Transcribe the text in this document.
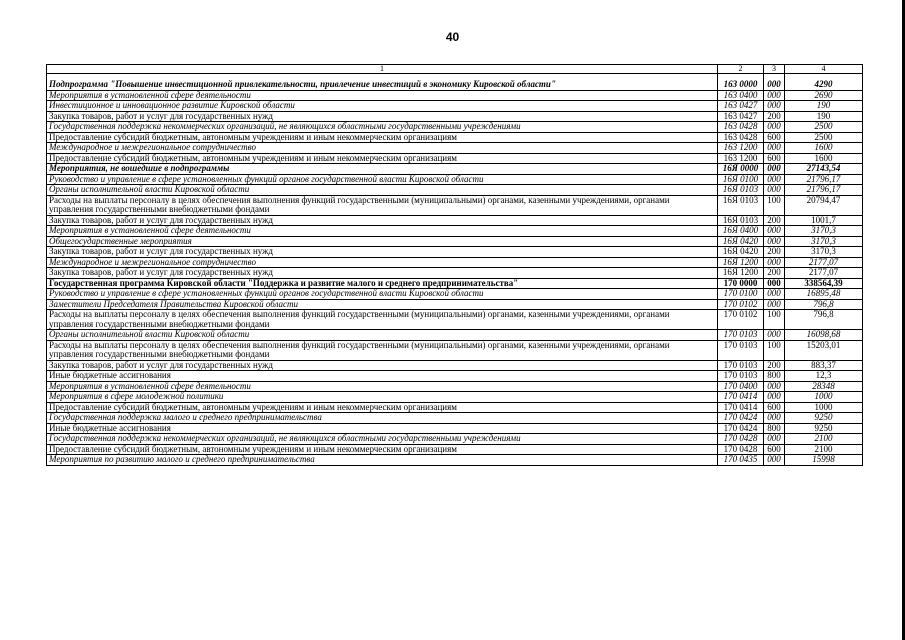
40
1	2	3	4
Подпрограмма "Повышение инвестиционной привлекательности, привлечение инвестиций в экономику Кировской области"	163 0000	000	4290
Мероприятия в установленной сфере деятельности	163 0400	000	2690
Инвестиционное и инновационное развитие Кировской области	163 0427	000	190
Закупка товаров, работ и услуг для государственных нужд	163 0427	200	190
Государственная поддержка некоммерческих организаций, не являющихся областными государственными учреждениями	163 0428	000	2500
Предоставление субсидий бюджетным, автономным учреждениям и иным некоммерческим организациям	163 0428	600	2500
Международное и межрегиональное сотрудничество	163 1200	000	1600
Предоставление субсидий бюджетным, автономным учреждениям и иным некоммерческим организациям	163 1200	600	1600
Мероприятия, не вошедшие в подпрограммы	16Я 0000	000	27143,54
Руководство и управление в сфере установленных функций органов государственной власти Кировской области	16Я 0100	000	21796,17
Органы исполнительной власти Кировской области	16Я 0103	000	21796,17
Расходы на выплаты персоналу в целях обеспечения выполнения функций государственными (муниципальными) органами, казенными учреждениями, органами управления государственными внебюджетными фондами	16Я 0103	100	20794,47
Закупка товаров, работ и услуг для государственных нужд	16Я 0103	200	1001,7
Мероприятия в установленной сфере деятельности	16Я 0400	000	3170,3
Общегосударственные мероприятия	16Я 0420	000	3170,3
Закупка товаров, работ и услуг для государственных нужд	16Я 0420	200	3170,3
Международное и межрегиональное сотрудничество	16Я 1200	000	2177,07
Закупка товаров, работ и услуг для государственных нужд	16Я 1200	200	2177,07
Государственная программа Кировской области "Поддержка и развитие малого и среднего предпринимательства"	170 0000	000	338564,39
Руководство и управление в сфере установленных функций органов государственной власти Кировской области	170 0100	000	16895,48
Заместители Председателя Правительства Кировской области	170 0102	000	796,8
Расходы на выплаты персоналу в целях обеспечения выполнения функций государственными (муниципальными) органами, казенными учреждениями, органами управления государственными внебюджетными фондами	170 0102	100	796,8
Органы исполнительной власти Кировской области	170 0103	000	16098,68
Расходы на выплаты персоналу в целях обеспечения выполнения функций государственными (муниципальными) органами, казенными учреждениями, органами управления государственными внебюджетными фондами	170 0103	100	15203,01
Закупка товаров, работ и услуг для государственных нужд	170 0103	200	883,37
Иные бюджетные ассигнования	170 0103	800	12,3
Мероприятия в установленной сфере деятельности	170 0400	000	28348
Мероприятия в сфере молодежной политики	170 0414	000	1000
Предоставление субсидий бюджетным, автономным учреждениям и иным некоммерческим организациям	170 0414	600	1000
Государственная поддержка малого и среднего предпринимательства	170 0424	000	9250
Иные бюджетные ассигнования	170 0424	800	9250
Государственная поддержка некоммерческих организаций, не являющихся областными государственными учреждениями	170 0428	000	2100
Предоставление субсидий бюджетным, автономным учреждениям и иным некоммерческим организациям	170 0428	600	2100
Мероприятия по развитию малого и среднего предпринимательства	170 0435	000	15998
